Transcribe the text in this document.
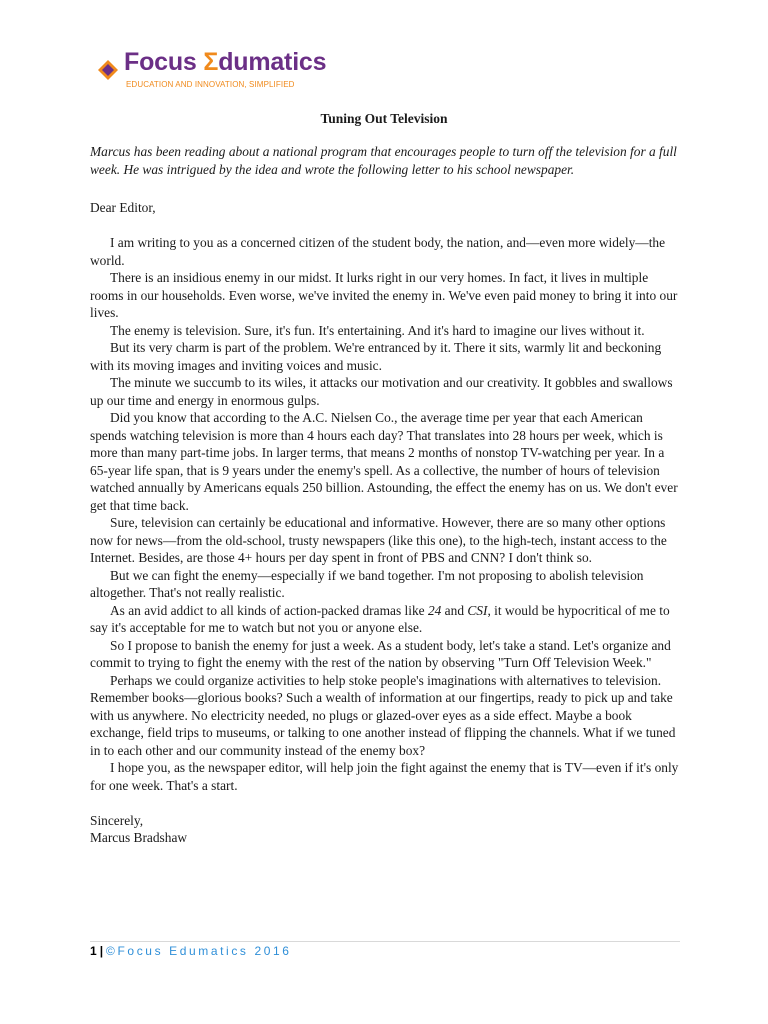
Focus Σdumatics
EDUCATION AND INNOVATION, SIMPLIFIED
Tuning Out Television
Marcus has been reading about a national program that encourages people to turn off the television for a full week. He was intrigued by the idea and wrote the following letter to his school newspaper.

Dear Editor,

I am writing to you as a concerned citizen of the student body, the nation, and—even more widely—the world.

There is an insidious enemy in our midst. It lurks right in our very homes. In fact, it lives in multiple rooms in our households. Even worse, we've invited the enemy in. We've even paid money to bring it into our lives.

The enemy is television. Sure, it's fun. It's entertaining. And it's hard to imagine our lives without it.

But its very charm is part of the problem. We're entranced by it. There it sits, warmly lit and beckoning with its moving images and inviting voices and music.

The minute we succumb to its wiles, it attacks our motivation and our creativity. It gobbles and swallows up our time and energy in enormous gulps.

Did you know that according to the A.C. Nielsen Co., the average time per year that each American spends watching television is more than 4 hours each day? That translates into 28 hours per week, which is more than many part-time jobs. In larger terms, that means 2 months of nonstop TV-watching per year. In a 65-year life span, that is 9 years under the enemy's spell. As a collective, the number of hours of television watched annually by Americans equals 250 billion. Astounding, the effect the enemy has on us. We don't ever get that time back.

Sure, television can certainly be educational and informative. However, there are so many other options now for news—from the old-school, trusty newspapers (like this one), to the high-tech, instant access to the Internet. Besides, are those 4+ hours per day spent in front of PBS and CNN? I don't think so.

But we can fight the enemy—especially if we band together. I'm not proposing to abolish television altogether. That's not really realistic.

As an avid addict to all kinds of action-packed dramas like 24 and CSI, it would be hypocritical of me to say it's acceptable for me to watch but not you or anyone else.

So I propose to banish the enemy for just a week. As a student body, let's take a stand. Let's organize and commit to trying to fight the enemy with the rest of the nation by observing "Turn Off Television Week."

Perhaps we could organize activities to help stoke people's imaginations with alternatives to television. Remember books—glorious books? Such a wealth of information at our fingertips, ready to pick up and take with us anywhere. No electricity needed, no plugs or glazed-over eyes as a side effect. Maybe a book exchange, field trips to museums, or talking to one another instead of flipping the channels. What if we tuned in to each other and our community instead of the enemy box?

I hope you, as the newspaper editor, will help join the fight against the enemy that is TV—even if it's only for one week. That's a start.

Sincerely,

Marcus Bradshaw

1 | ©Focus Edumatics 2016
